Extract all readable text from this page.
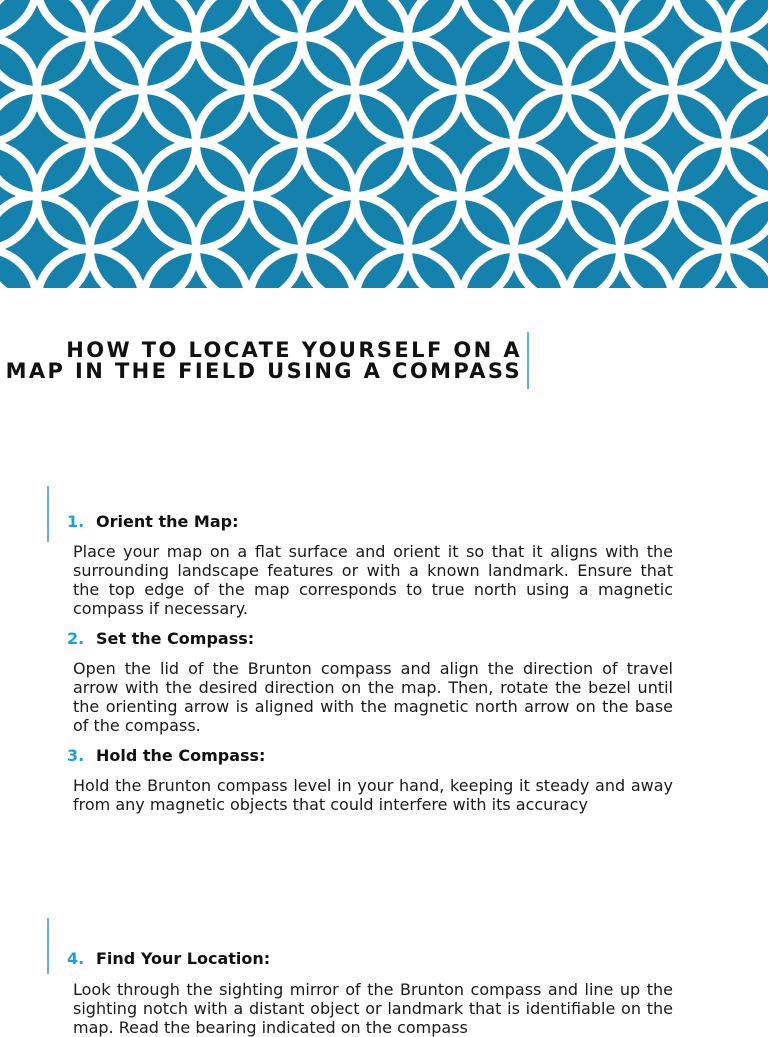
HOW TO LOCATE YOURSELF ON A
MAP IN THE FIELD USING A COMPASS
1. Orient the Map:
Place your map on a flat surface and orient it so that it aligns with the surrounding landscape features or with a known landmark. Ensure that the top edge of the map corresponds to true north using a magnetic compass if necessary.
2. Set the Compass:
Open the lid of the Brunton compass and align the direction of travel arrow with the desired direction on the map. Then, rotate the bezel until the orienting arrow is aligned with the magnetic north arrow on the base of the compass.
3. Hold the Compass:
Hold the Brunton compass level in your hand, keeping it steady and away from any magnetic objects that could interfere with its accuracy
4. Find Your Location:
Look through the sighting mirror of the Brunton compass and line up the sighting notch with a distant object or landmark that is identifiable on the map. Read the bearing indicated on the compass
